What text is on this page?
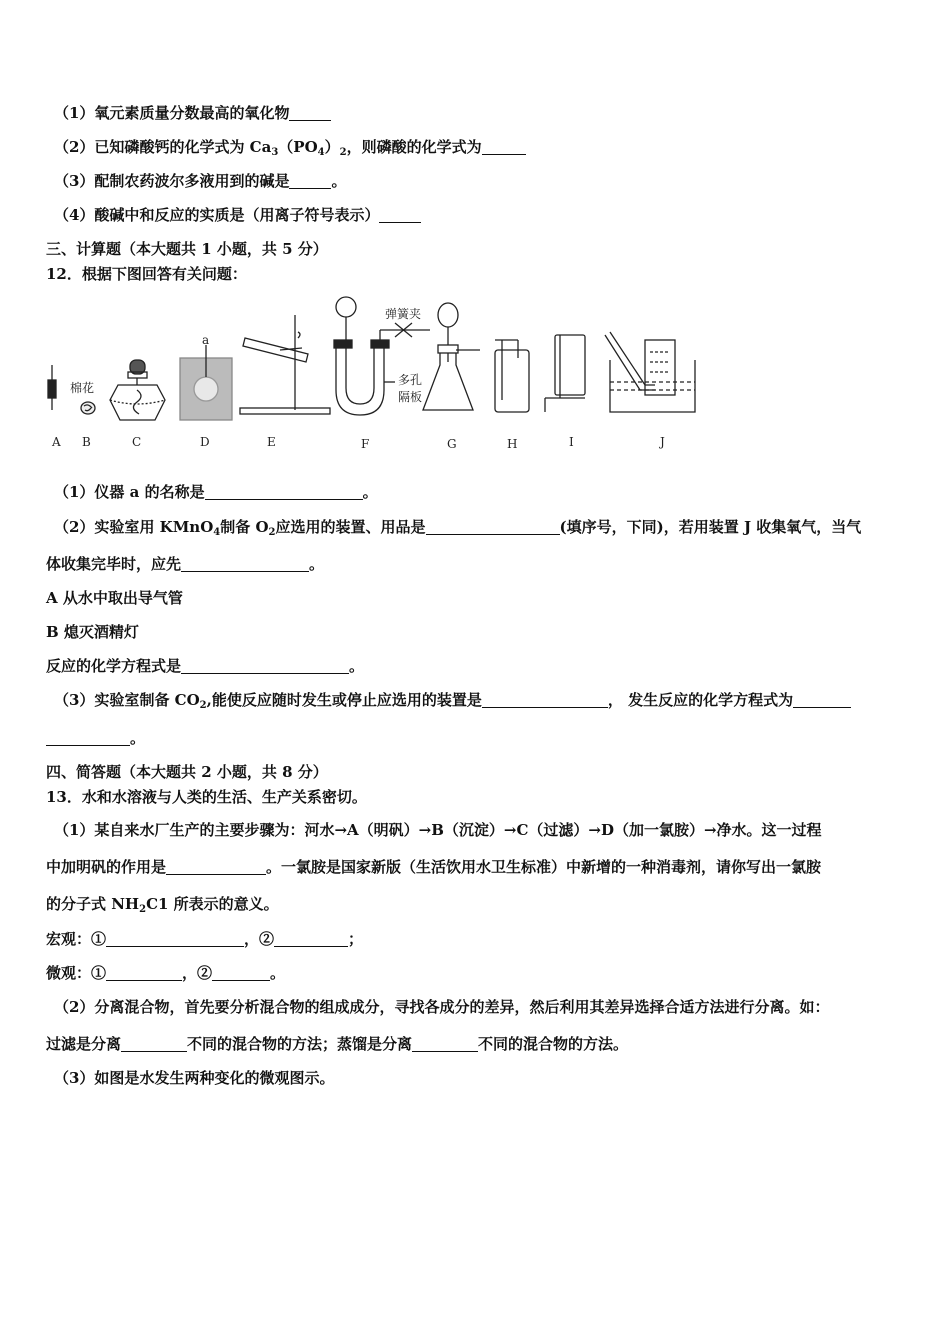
（1）氧元素质量分数最高的氧化物
（2）已知磷酸钙的化学式为 $Ca_3(PO_4)_2$，则磷酸的化学式为
（3）配制农药波尔多液用到的碱是	。
（4）酸碱中和反应的实质是（用离子符号表示）
三、计算题（本大题共 1 小题，共 5 分）
12．根据下图回答有关问题：
棉花
a
弹簧夹
多孔
隔板
A B	C	D	E	F	G	H	I	J
（1）仪器 a 的名称是	。
（2）实验室用 KMnO$_4$制备 $O_2$应选用的装置、用品是	(填序号，下同)，若用装置 J 收集氧气，当气
体收集完毕时，应先	。
A 从水中取出导气管
B 熄灭酒精灯
反应的化学方程式是	。
（3）实验室制备 $CO_2$,能使反应随时发生或停止应选用的装置是	， 发生反应的化学方程式为
。
四、简答题（本大题共 2 小题，共 8 分）
13．水和水溶液与人类的生活、生产关系密切。
（1）某自来水厂生产的主要步骤为：河水→A（明矾）→B（沉淀）→C（过滤）→D（加一氯胺）→净水。这一过程
中加明矾的作用是	。一氯胺是国家新版（生活饮用水卫生标准）中新增的一种消毒剂，请你写出一氯胺
的分子式 $NH_2C1$ 所表示的意义。
宏观：①	，②	；
微观：①	，②	。
（2）分离混合物，首先要分析混合物的组成成分，寻找各成分的差异，然后利用其差异选择合适方法进行分离。如：
过滤是分离	不同的混合物的方法；蒸馏是分离	不同的混合物的方法。
（3）如图是水发生两种变化的微观图示。
